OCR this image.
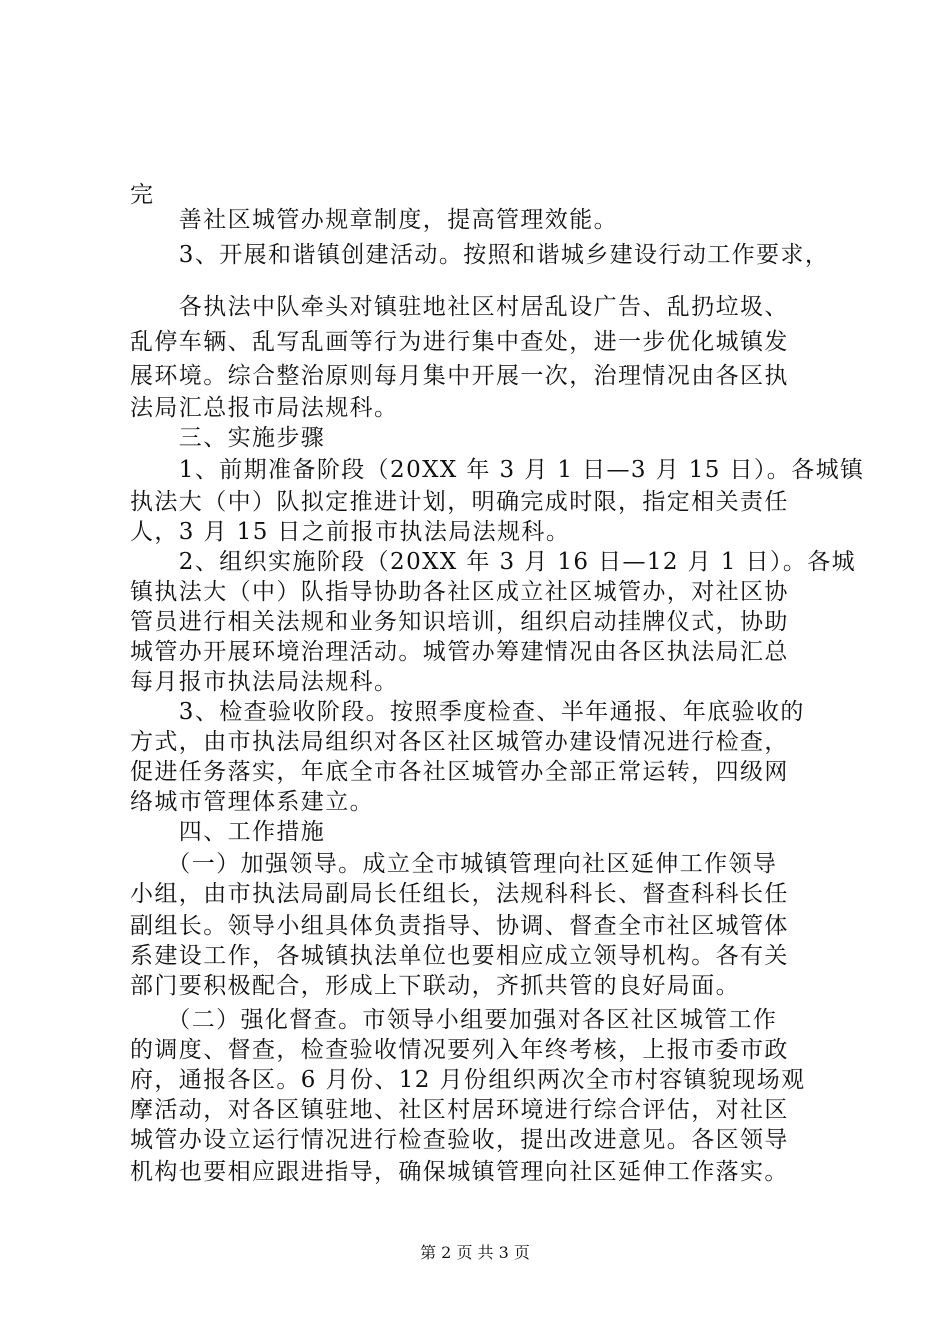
完
　　善社区城管办规章制度，提高管理效能。
　　3、开展和谐镇创建活动。按照和谐城乡建设行动工作要求，
　　各执法中队牵头对镇驻地社区村居乱设广告、乱扔垃圾、
乱停车辆、乱写乱画等行为进行集中查处，进一步优化城镇发
展环境。综合整治原则每月集中开展一次，治理情况由各区执
法局汇总报市局法规科。
　　三、实施步骤
　　1、前期准备阶段（20XX 年 3 月 1 日—3 月 15 日）。各城镇
执法大（中）队拟定推进计划，明确完成时限，指定相关责任
人，3 月 15 日之前报市执法局法规科。
　　2、组织实施阶段（20XX 年 3 月 16 日—12 月 1 日）。各城
镇执法大（中）队指导协助各社区成立社区城管办，对社区协
管员进行相关法规和业务知识培训，组织启动挂牌仪式，协助
城管办开展环境治理活动。城管办筹建情况由各区执法局汇总
每月报市执法局法规科。
　　3、检查验收阶段。按照季度检查、半年通报、年底验收的
方式，由市执法局组织对各区社区城管办建设情况进行检查，
促进任务落实，年底全市各社区城管办全部正常运转，四级网
络城市管理体系建立。
　　四、工作措施
　　（一）加强领导。成立全市城镇管理向社区延伸工作领导
小组，由市执法局副局长任组长，法规科科长、督查科科长任
副组长。领导小组具体负责指导、协调、督查全市社区城管体
系建设工作，各城镇执法单位也要相应成立领导机构。各有关
部门要积极配合，形成上下联动，齐抓共管的良好局面。
　　（二）强化督查。市领导小组要加强对各区社区城管工作
的调度、督查，检查验收情况要列入年终考核，上报市委市政
府，通报各区。6 月份、12 月份组织两次全市村容镇貌现场观
摩活动，对各区镇驻地、社区村居环境进行综合评估，对社区
城管办设立运行情况进行检查验收，提出改进意见。各区领导
机构也要相应跟进指导，确保城镇管理向社区延伸工作落实。
第 2 页 共 3 页
